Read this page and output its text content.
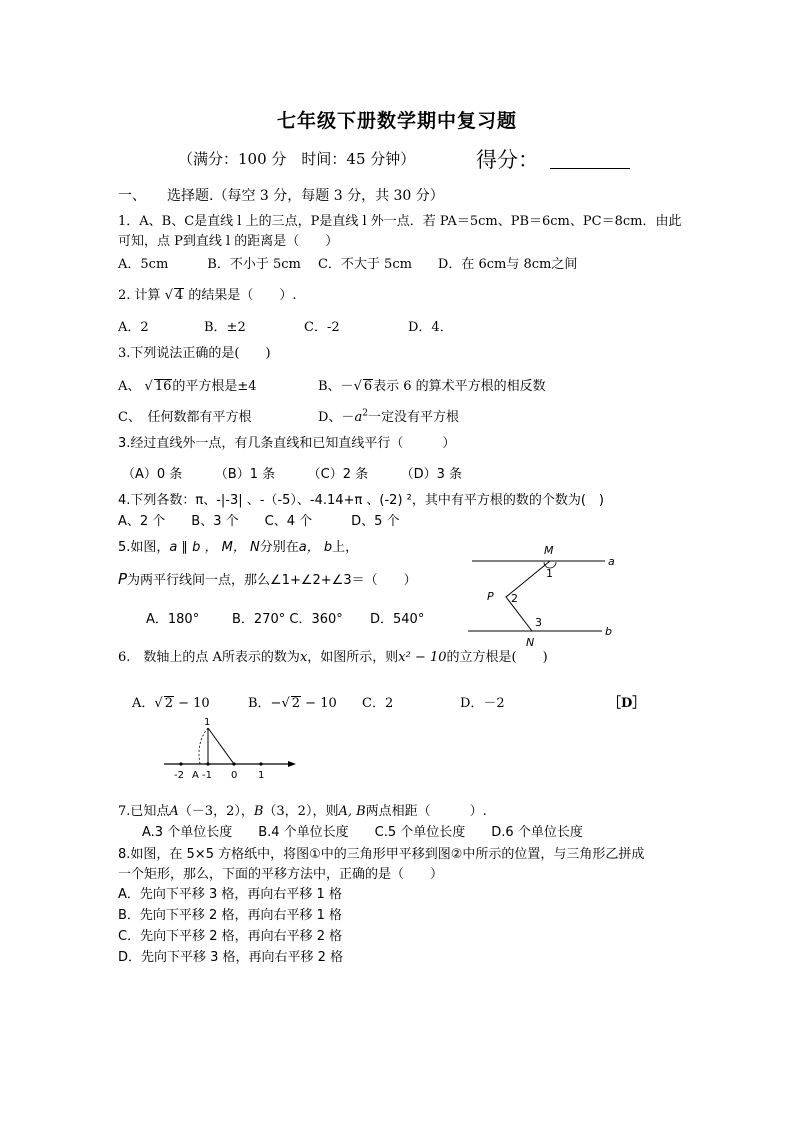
七年级下册数学期中复习题
（满分：100 分　时间：45 分钟）	得分：
一、　　选择题.（每空 3 分，每题 3 分，共 30 分）
1．A、B、C是直线 l 上的三点，P是直线 l 外一点．若 PA＝5cm、PB＝6cm、PC＝8cm．由此
可知，点 P到直线 l 的距离是（　　）
A．5cm　　　B．不小于 5cm　 C．不大于 5cm　　D．在 6cm与 8cm之间
2. 计算 √ 4 的结果是（　　）.
A．2	B．±2	C．-2	D．4．
3.下列说法正确的是(　　)
A、 √ 16的平方根是±4	B、－√ 6表示 6 的算术平方根的相反数
C、　任何数都有平方根	D、$-a^2$一定没有平方根
3.经过直线外一点，有几条直线和已知直线平行（　　　）
（A）0 条　　　（B）1 条　　　（C）2 条　　　（D）3 条
4.下列各数：π、-|-3| 、-（-5）、-4.14+π 、(-2) ²，其中有平方根的数的个数为(　)
A、2 个　　B、3 个　　C、4 个　　　D、5 个
5.如图，a ∥ b ， M， N分别在a， b上，
P为两平行线间一点，那么∠1+∠2+∠3＝（　　）
A．180°	B．270° C．360° D．540°
M
N
P
a
b
1
2
3
6.　数轴上的点 A所表示的数为x，如图所示，则x² − 10的立方根是(　　)
A．√ 2 − 10	B．−√ 2 − 10 C．2	D．－2	［D］
1
-2 A -1 0 1
7.已知点A（－3，2），B（3，2），则A, B两点相距（　　　）.
A.3 个单位长度　　B.4 个单位长度　　C.5 个单位长度　　D.6 个单位长度
8.如图，在 5×5 方格纸中，将图①中的三角形甲平移到图②中所示的位置，与三角形乙拼成
一个矩形，那么，下面的平移方法中，正确的是（　　）
A．先向下平移 3 格，再向右平移 1 格
B．先向下平移 2 格，再向右平移 1 格
C．先向下平移 2 格，再向右平移 2 格
D．先向下平移 3 格，再向右平移 2 格
